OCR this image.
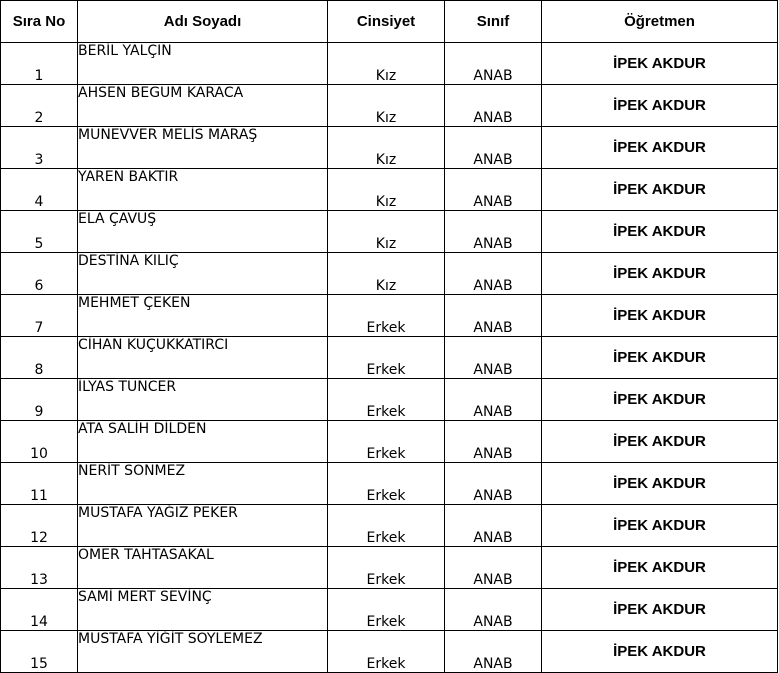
Sıra No	Adı Soyadı	Cinsiyet	Sınıf	Öğretmen
1	BERİL YALÇIN	Kız	ANAB	İPEK AKDUR
2	AHSEN BEGÜM KARACA	Kız	ANAB	İPEK AKDUR
3	MÜNEVVER MELİS MARAŞ	Kız	ANAB	İPEK AKDUR
4	YAREN BAKTIR	Kız	ANAB	İPEK AKDUR
5	ELA ÇAVUŞ	Kız	ANAB	İPEK AKDUR
6	DESTİNA KILIÇ	Kız	ANAB	İPEK AKDUR
7	MEHMET ÇEKEN	Erkek	ANAB	İPEK AKDUR
8	CİHAN KÜÇÜKKATIRCI	Erkek	ANAB	İPEK AKDUR
9	İLYAS TUNCER	Erkek	ANAB	İPEK AKDUR
10	ATA SALİH DİLDEN	Erkek	ANAB	İPEK AKDUR
11	NERİT SÖNMEZ	Erkek	ANAB	İPEK AKDUR
12	MUSTAFA YAĞIZ PEKER	Erkek	ANAB	İPEK AKDUR
13	ÖMER TAHTASAKAL	Erkek	ANAB	İPEK AKDUR
14	SAMİ MERT SEVİNÇ	Erkek	ANAB	İPEK AKDUR
15	MUSTAFA YİĞİT SÖYLEMEZ	Erkek	ANAB	İPEK AKDUR
